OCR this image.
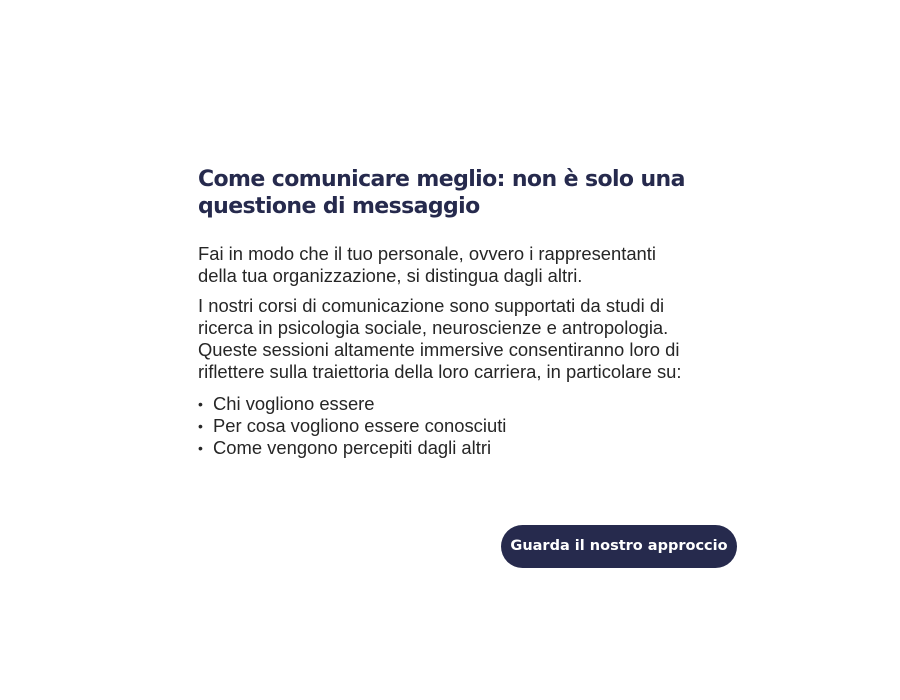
Come comunicare meglio: non è solo una questione di messaggio

Fai in modo che il tuo personale, ovvero i rappresentanti della tua organizzazione, si distingua dagli altri.

I nostri corsi di comunicazione sono supportati da studi di ricerca in psicologia sociale, neuroscienze e antropologia. Queste sessioni altamente immersive consentiranno loro di riflettere sulla traiettoria della loro carriera, in particolare su:

• Chi vogliono essere
• Per cosa vogliono essere conosciuti
• Come vengono percepiti dagli altri
Guarda il nostro approccio
